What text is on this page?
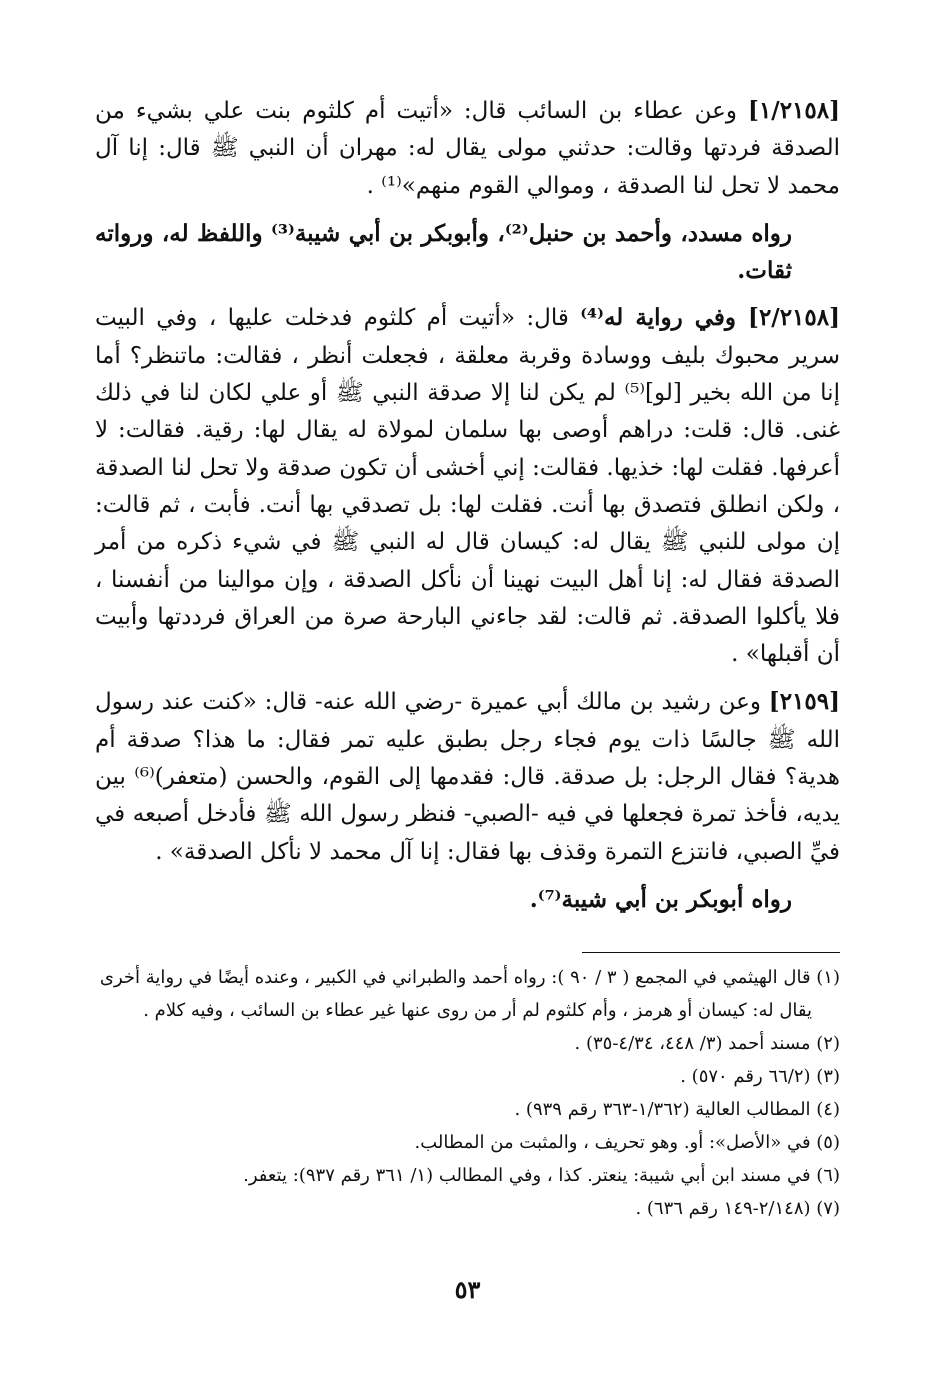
[١/٢١٥٨] وعن عطاء بن السائب قال: «أتيت أم كلثوم بنت علي بشيء من الصدقة فردتها وقالت: حدثني مولى يقال له: مهران أن النبي ﷺ قال: إنا آل محمد لا تحل لنا الصدقة ، وموالي القوم منهم»⁽¹⁾ .

رواه مسدد، وأحمد بن حنبل⁽²⁾، وأبوبكر بن أبي شيبة⁽³⁾ واللفظ له، ورواته ثقات.

[٢/٢١٥٨] وفي رواية له⁽⁴⁾ قال: «أتيت أم كلثوم فدخلت عليها ، وفي البيت سرير محبوك بليف ووسادة وقربة معلقة ، فجعلت أنظر ، فقالت: ماتنظر؟ أما إنا من الله بخير [لو]⁽⁵⁾ لم يكن لنا إلا صدقة النبي ﷺ أو علي لكان لنا في ذلك غنى. قال: قلت: دراهم أوصى بها سلمان لمولاة له يقال لها: رقية. فقالت: لا أعرفها. فقلت لها: خذيها. فقالت: إني أخشى أن تكون صدقة ولا تحل لنا الصدقة ، ولكن انطلق فتصدق بها أنت. فقلت لها: بل تصدقي بها أنت. فأبت ، ثم قالت: إن مولى للنبي ﷺ يقال له: كيسان قال له النبي ﷺ في شيء ذكره من أمر الصدقة فقال له: إنا أهل البيت نهينا أن نأكل الصدقة ، وإن موالينا من أنفسنا ، فلا يأكلوا الصدقة. ثم قالت: لقد جاءني البارحة صرة من العراق فرددتها وأبيت أن أقبلها» .

[٢١٥٩] وعن رشيد بن مالك أبي عميرة -رضي الله عنه- قال: «كنت عند رسول الله ﷺ جالسًا ذات يوم فجاء رجل بطبق عليه تمر فقال: ما هذا؟ صدقة أم هدية؟ فقال الرجل: بل صدقة. قال: فقدمها إلى القوم، والحسن (متعفر)⁽⁶⁾ بين يديه، فأخذ تمرة فجعلها في فيه -الصبي- فنظر رسول الله ﷺ فأدخل أصبعه في فيِّ الصبي، فانتزع التمرة وقذف بها فقال: إنا آل محمد لا نأكل الصدقة» .

رواه أبوبكر بن أبي شيبة⁽⁷⁾.

(١) قال الهيثمي في المجمع ( ٣ / ٩٠ ): رواه أحمد والطبراني في الكبير ، وعنده أيضًا في رواية أخرى

يقال له: كيسان أو هرمز ، وأم كلثوم لم أر من روى عنها غير عطاء بن السائب ، وفيه كلام .

(٢) مسند أحمد (٣/ ٤٤٨، ٤/٣٤-٣٥) .

(٣) (٦٦/٢ رقم ٥٧٠) .

(٤) المطالب العالية (١/٣٦٢-٣٦٣ رقم ٩٣٩) .

(٥) في «الأصل»: أو. وهو تحريف ، والمثبت من المطالب.

(٦) في مسند ابن أبي شيبة: ينعتر. كذا ، وفي المطالب (١/ ٣٦١ رقم ٩٣٧): يتعفر.

(٧) (٢/١٤٨-١٤٩ رقم ٦٣٦) .

٥٣
